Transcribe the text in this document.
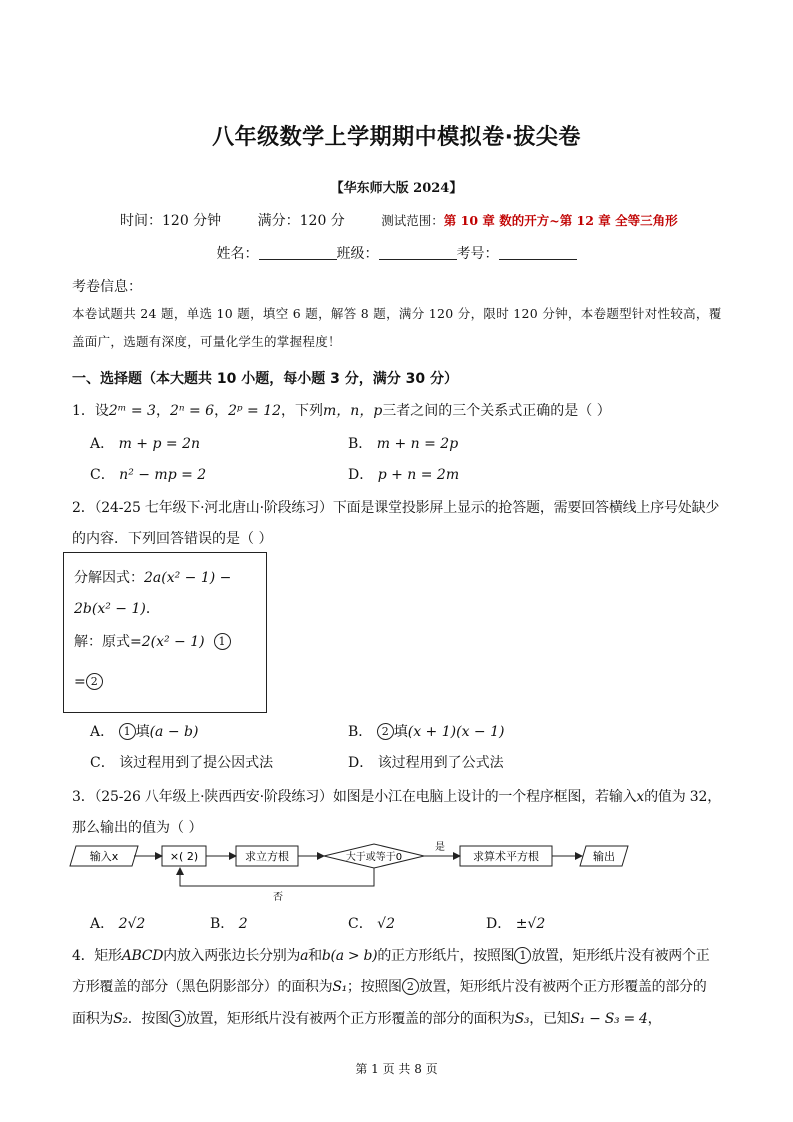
八年级数学上学期期中模拟卷·拔尖卷
【华东师大版 2024】
时间：120 分钟	满分：120 分	测试范围：第 10 章 数的开方~第 12 章 全等三角形
姓名：	班级：	考号：
考卷信息：
本卷试题共 24 题，单选 10 题，填空 6 题，解答 8 题，满分 120 分，限时 120 分钟，本卷题型针对性较高，覆盖面广，选题有深度，可量化学生的掌握程度！
一、选择题（本大题共 10 小题，每小题 3 分，满分 30 分）
1．设2ᵐ = 3，2ⁿ = 6，2ᵖ = 12，下列m，n，p三者之间的三个关系式正确的是（ ）
A． m + p = 2n	B． m + n = 2p
C． n² − mp = 2	D． p + n = 2m
2．（24-25 七年级下·河北唐山·阶段练习）下面是课堂投影屏上显示的抢答题，需要回答横线上序号处缺少
的内容．下列回答错误的是（ ）
分解因式：2a(x² − 1) −
2b(x² − 1)．
解：原式=2(x² − 1) 1
= 2
A． 1 填(a − b)	B． 2 填(x + 1)(x − 1)
C． 该过程用到了提公因式法	D． 该过程用到了公式法
3．（25-26 八年级上·陕西西安·阶段练习）如图是小江在电脑上设计的一个程序框图，若输入x的值为 32，
那么输出的值为（ ）
输入x	×( 2)	求立方根	大于或等于0
是
求算术平方根	输出
否
A． 2√2	B． 2	C． √2	D． ±√2
4．矩形ABCD内放入两张边长分别为a和b(a > b)的正方形纸片，按照图 1 放置，矩形纸片没有被两个正
方形覆盖的部分（黑色阴影部分）的面积为S₁；按照图 2 放置，矩形纸片没有被两个正方形覆盖的部分的
面积为S₂．按图 3 放置，矩形纸片没有被两个正方形覆盖的部分的面积为S₃，已知S₁ − S₃ = 4，
第 1 页 共 8 页
